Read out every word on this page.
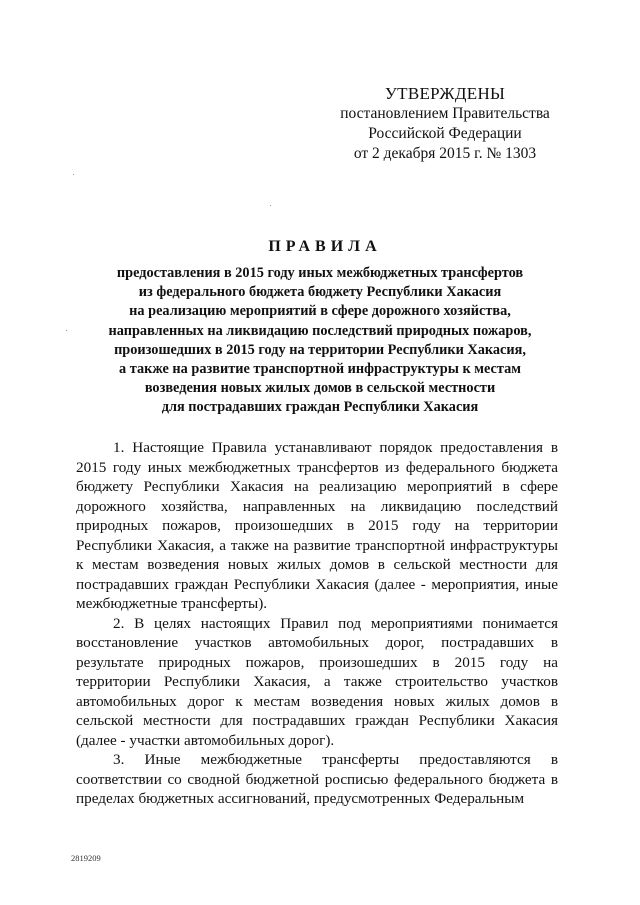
УТВЕРЖДЕНЫ
постановлением Правительства
Российской Федерации
от 2 декабря 2015 г. № 1303
ПРАВИЛА
предоставления в 2015 году иных межбюджетных трансфертов
из федерального бюджета бюджету Республики Хакасия
на реализацию мероприятий в сфере дорожного хозяйства,
направленных на ликвидацию последствий природных пожаров,
произошедших в 2015 году на территории Республики Хакасия,
а также на развитие транспортной инфраструктуры к местам
возведения новых жилых домов в сельской местности
для пострадавших граждан Республики Хакасия

1. Настоящие Правила устанавливают порядок предоставления в 2015 году иных межбюджетных трансфертов из федерального бюджета бюджету Республики Хакасия на реализацию мероприятий в сфере дорожного хозяйства, направленных на ликвидацию последствий природных пожаров, произошедших в 2015 году на территории Республики Хакасия, а также на развитие транспортной инфраструктуры к местам возведения новых жилых домов в сельской местности для пострадавших граждан Республики Хакасия (далее - мероприятия, иные межбюджетные трансферты).

2. В целях настоящих Правил под мероприятиями понимается восстановление участков автомобильных дорог, пострадавших в результате природных пожаров, произошедших в 2015 году на территории Республики Хакасия, а также строительство участков автомобильных дорог к местам возведения новых жилых домов в сельской местности для пострадавших граждан Республики Хакасия (далее - участки автомобильных дорог).

3. Иные межбюджетные трансферты предоставляются в соответствии со сводной бюджетной росписью федерального бюджета в пределах бюджетных ассигнований, предусмотренных Федеральным

2819209
